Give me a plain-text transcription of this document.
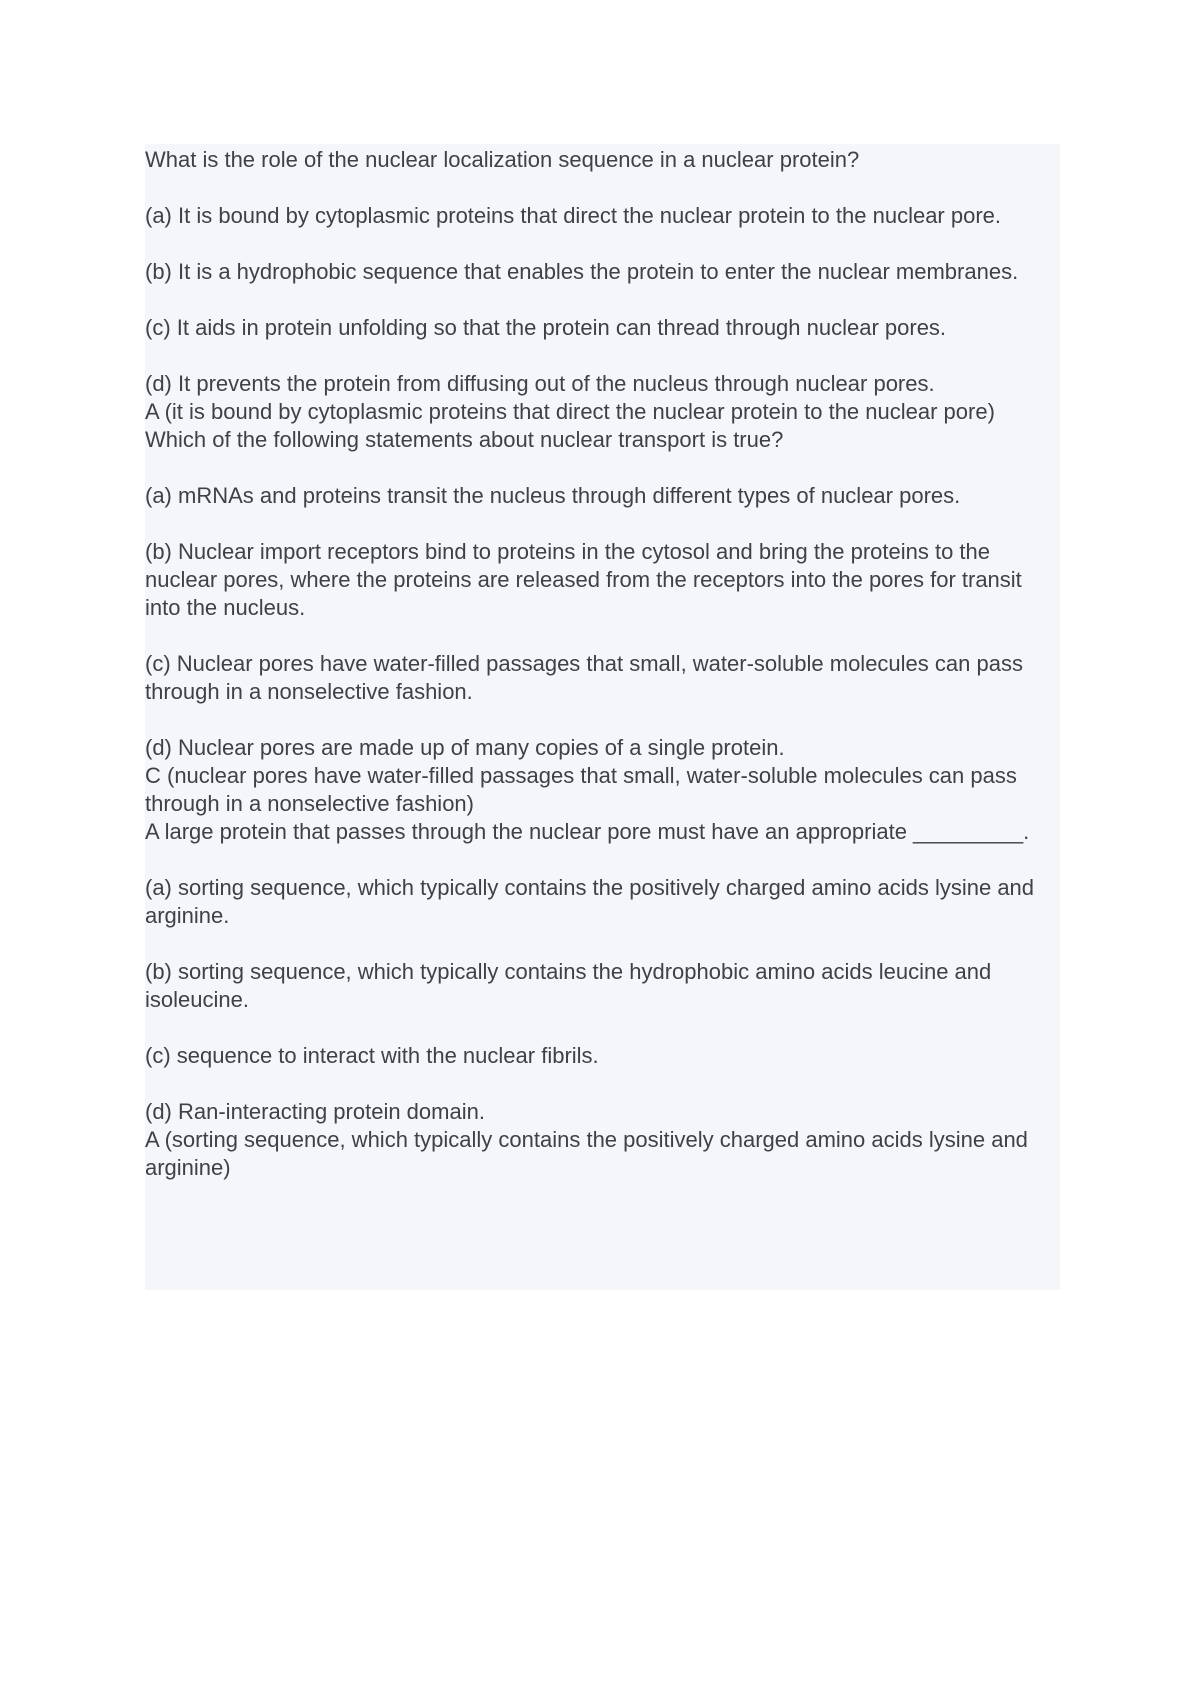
What is the role of the nuclear localization sequence in a nuclear protein?

(a) It is bound by cytoplasmic proteins that direct the nuclear protein to the nuclear pore.

(b) It is a hydrophobic sequence that enables the protein to enter the nuclear membranes.

(c) It aids in protein unfolding so that the protein can thread through nuclear pores.

(d) It prevents the protein from diffusing out of the nucleus through nuclear pores.

A (it is bound by cytoplasmic proteins that direct the nuclear protein to the nuclear pore)

Which of the following statements about nuclear transport is true?

(a) mRNAs and proteins transit the nucleus through different types of nuclear pores.

(b) Nuclear import receptors bind to proteins in the cytosol and bring the proteins to the nuclear pores, where the proteins are released from the receptors into the pores for transit into the nucleus.

(c) Nuclear pores have water-filled passages that small, water-soluble molecules can pass through in a nonselective fashion.

(d) Nuclear pores are made up of many copies of a single protein.

C (nuclear pores have water-filled passages that small, water-soluble molecules can pass through in a nonselective fashion)

A large protein that passes through the nuclear pore must have an appropriate _________.

(a) sorting sequence, which typically contains the positively charged amino acids lysine and arginine.

(b) sorting sequence, which typically contains the hydrophobic amino acids leucine and isoleucine.

(c) sequence to interact with the nuclear fibrils.

(d) Ran-interacting protein domain.

A (sorting sequence, which typically contains the positively charged amino acids lysine and arginine)
